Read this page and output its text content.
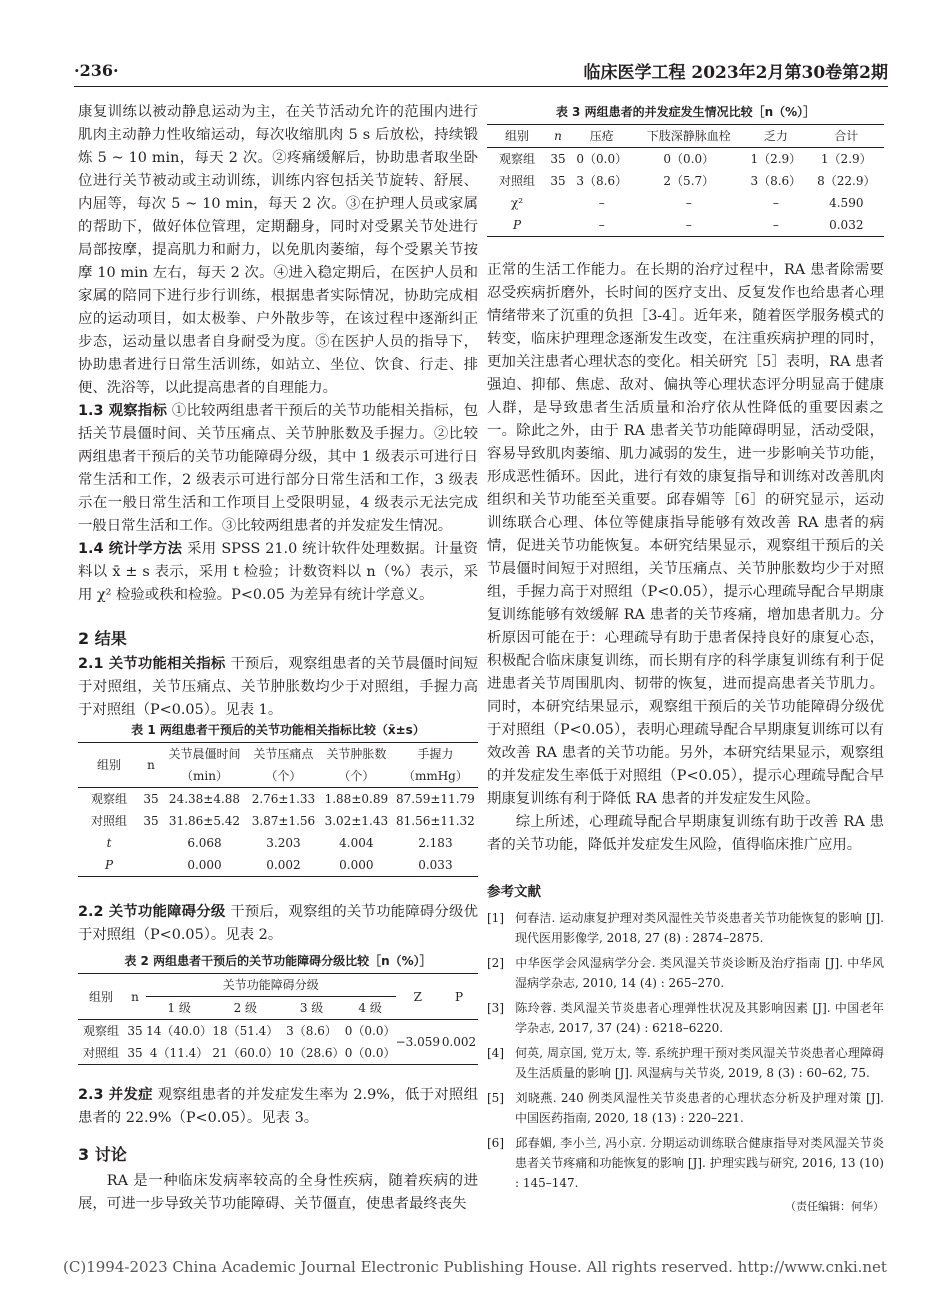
·236·	临床医学工程 2023年2月第30卷第2期

康复训练以被动静息运动为主，在关节活动允许的范围内进行肌肉主动静力性收缩运动，每次收缩肌肉 5 s 后放松，持续锻炼 5 ~ 10 min，每天 2 次。②疼痛缓解后，协助患者取坐卧位进行关节被动或主动训练，训练内容包括关节旋转、舒展、内屈等，每次 5 ~ 10 min，每天 2 次。③在护理人员或家属的帮助下，做好体位管理，定期翻身，同时对受累关节处进行局部按摩，提高肌力和耐力，以免肌肉萎缩，每个受累关节按摩 10 min 左右，每天 2 次。④进入稳定期后，在医护人员和家属的陪同下进行步行训练，根据患者实际情况，协助完成相应的运动项目，如太极拳、户外散步等，在该过程中逐渐纠正步态，运动量以患者自身耐受为度。⑤在医护人员的指导下，协助患者进行日常生活训练，如站立、坐位、饮食、行走、排便、洗浴等，以此提高患者的自理能力。

1.3 观察指标 ①比较两组患者干预后的关节功能相关指标，包括关节晨僵时间、关节压痛点、关节肿胀数及手握力。②比较两组患者干预后的关节功能障碍分级，其中 1 级表示可进行日常生活和工作，2 级表示可进行部分日常生活和工作，3 级表示在一般日常生活和工作项目上受限明显，4 级表示无法完成一般日常生活和工作。③比较两组患者的并发症发生情况。

1.4 统计学方法 采用 SPSS 21.0 统计软件处理数据。计量资料以 x̄ ± s 表示，采用 t 检验；计数资料以 n（%）表示，采用 χ² 检验或秩和检验。P<0.05 为差异有统计学意义。

2 结果

2.1 关节功能相关指标 干预后，观察组患者的关节晨僵时间短于对照组，关节压痛点、关节肿胀数均少于对照组，手握力高于对照组（P<0.05）。见表 1。

表 1 两组患者干预后的关节功能相关指标比较（x̄±s）

组别	n	关节晨僵时间（min）	关节压痛点（个）	关节肿胀数（个）	手握力（mmHg）
观察组	35	24.38±4.88	2.76±1.33	1.88±0.89	87.59±11.79
对照组	35	31.86±5.42	3.87±1.56	3.02±1.43	81.56±11.32
t		6.068	3.203	4.004	2.183
P		0.000	0.002	0.000	0.033

2.2 关节功能障碍分级 干预后，观察组的关节功能障碍分级优于对照组（P<0.05）。见表 2。

表 2 两组患者干预后的关节功能障碍分级比较［n（%）］

组别	n	关节功能障碍分级				Z	P
		1 级	2 级	3 级	4 级		
观察组	35	14（40.0）	18（51.4）	3（8.6）	0（0.0）	−3.059	0.002
对照组	35	4（11.4）	21（60.0）	10（28.6）	0（0.0）		

2.3 并发症 观察组患者的并发症发生率为 2.9%，低于对照组患者的 22.9%（P<0.05）。见表 3。

3 讨论

RA 是一种临床发病率较高的全身性疾病，随着疾病的进展，可进一步导致关节功能障碍、关节僵直，使患者最终丧失

表 3 两组患者的并发症发生情况比较［n（%）］

组别	n	压疮	下肢深静脉血栓	乏力	合计
观察组	35	0（0.0）	0（0.0）	1（2.9）	1（2.9）
对照组	35	3（8.6）	2（5.7）	3（8.6）	8（22.9）
χ²		–	–	–	4.590
P		–	–	–	0.032

正常的生活工作能力。在长期的治疗过程中，RA 患者除需要忍受疾病折磨外，长时间的医疗支出、反复发作也给患者心理情绪带来了沉重的负担［3-4］。近年来，随着医学服务模式的转变，临床护理理念逐渐发生改变，在注重疾病护理的同时，更加关注患者心理状态的变化。相关研究［5］表明，RA 患者强迫、抑郁、焦虑、敌对、偏执等心理状态评分明显高于健康人群，是导致患者生活质量和治疗依从性降低的重要因素之一。除此之外，由于 RA 患者关节功能障碍明显，活动受限，容易导致肌肉萎缩、肌力减弱的发生，进一步影响关节功能，形成恶性循环。因此，进行有效的康复指导和训练对改善肌肉组织和关节功能至关重要。邱春媚等［6］的研究显示，运动训练联合心理、体位等健康指导能够有效改善 RA 患者的病情，促进关节功能恢复。本研究结果显示，观察组干预后的关节晨僵时间短于对照组，关节压痛点、关节肿胀数均少于对照组，手握力高于对照组（P<0.05），提示心理疏导配合早期康复训练能够有效缓解 RA 患者的关节疼痛，增加患者肌力。分析原因可能在于：心理疏导有助于患者保持良好的康复心态，积极配合临床康复训练，而长期有序的科学康复训练有利于促进患者关节周围肌肉、韧带的恢复，进而提高患者关节肌力。同时，本研究结果显示，观察组干预后的关节功能障碍分级优于对照组（P<0.05），表明心理疏导配合早期康复训练可以有效改善 RA 患者的关节功能。另外，本研究结果显示，观察组的并发症发生率低于对照组（P<0.05），提示心理疏导配合早期康复训练有利于降低 RA 患者的并发症发生风险。

综上所述，心理疏导配合早期康复训练有助于改善 RA 患者的关节功能，降低并发症发生风险，值得临床推广应用。

参考文献

[1] 何春洁. 运动康复护理对类风湿性关节炎患者关节功能恢复的影响 [J]. 现代医用影像学, 2018, 27 (8) : 2874–2875.

[2] 中华医学会风湿病学分会. 类风湿关节炎诊断及治疗指南 [J]. 中华风湿病学杂志, 2010, 14 (4) : 265–270.

[3] 陈玲蓉. 类风湿关节炎患者心理弹性状况及其影响因素 [J]. 中国老年学杂志, 2017, 37 (24) : 6218–6220.

[4] 何英, 周京国, 党万太, 等. 系统护理干预对类风湿关节炎患者心理障碍及生活质量的影响 [J]. 风湿病与关节炎, 2019, 8 (3) : 60–62, 75.

[5] 刘晓燕. 240 例类风湿性关节炎患者的心理状态分析及护理对策 [J]. 中国医药指南, 2020, 18 (13) : 220–221.

[6] 邱春媚, 李小兰, 冯小京. 分期运动训练联合健康指导对类风湿关节炎患者关节疼痛和功能恢复的影响 [J]. 护理实践与研究, 2016, 13 (10) : 145–147.

（责任编辑：何华）

(C)1994-2023 China Academic Journal Electronic Publishing House. All rights reserved. http://www.cnki.net
